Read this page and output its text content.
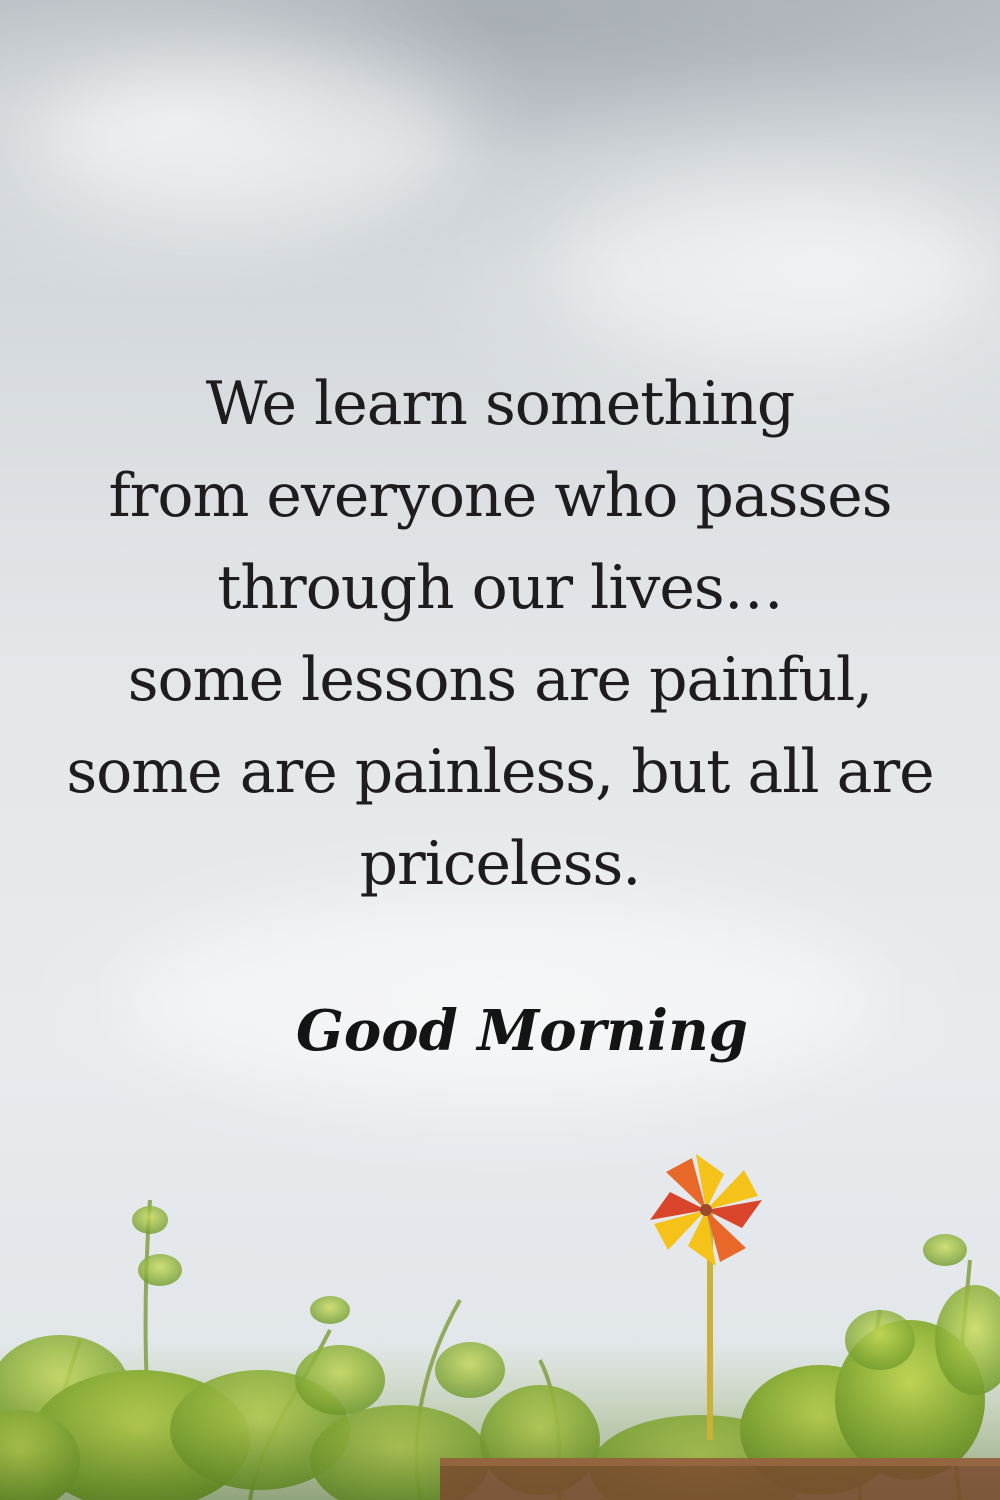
We learn something
from everyone who passes
through our lives…
some lessons are painful,
some are painless, but all are
priceless.

Good Morning
